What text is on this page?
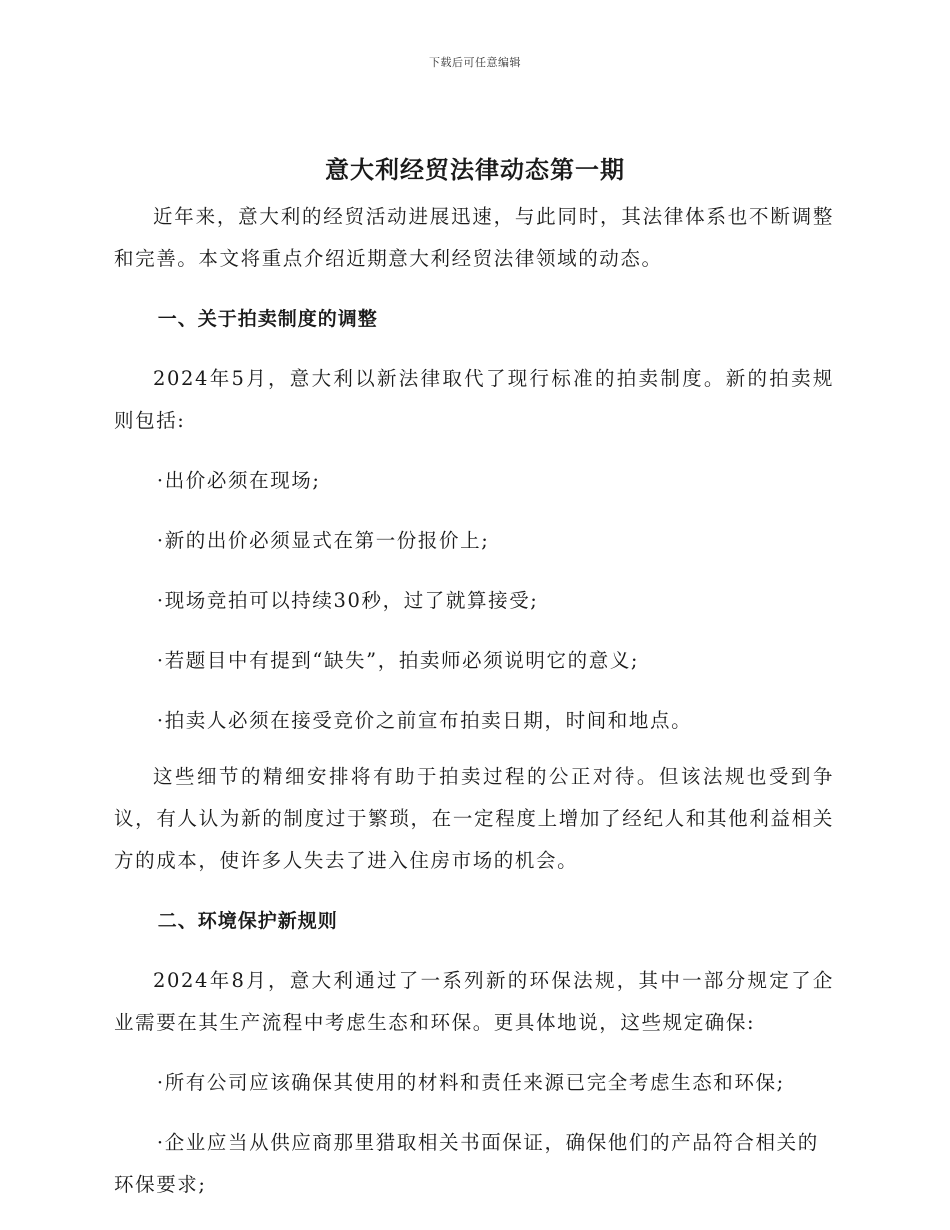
下载后可任意编辑
意大利经贸法律动态第一期

近年来，意大利的经贸活动进展迅速，与此同时，其法律体系也不断调整和完善。本文将重点介绍近期意大利经贸法律领域的动态。

一、关于拍卖制度的调整

2024年5月，意大利以新法律取代了现行标准的拍卖制度。新的拍卖规则包括:

·出价必须在现场;
·新的出价必须显式在第一份报价上;
·现场竞拍可以持续30秒，过了就算接受;
·若题目中有提到“缺失”，拍卖师必须说明它的意义;
·拍卖人必须在接受竞价之前宣布拍卖日期，时间和地点。

这些细节的精细安排将有助于拍卖过程的公正对待。但该法规也受到争议，有人认为新的制度过于繁琐，在一定程度上增加了经纪人和其他利益相关方的成本，使许多人失去了进入住房市场的机会。

二、环境保护新规则

2024年8月，意大利通过了一系列新的环保法规，其中一部分规定了企业需要在其生产流程中考虑生态和环保。更具体地说，这些规定确保:

·所有公司应该确保其使用的材料和责任来源已完全考虑生态和环保;
·企业应当从供应商那里猎取相关书面保证，确保他们的产品符合相关的环保要求;
